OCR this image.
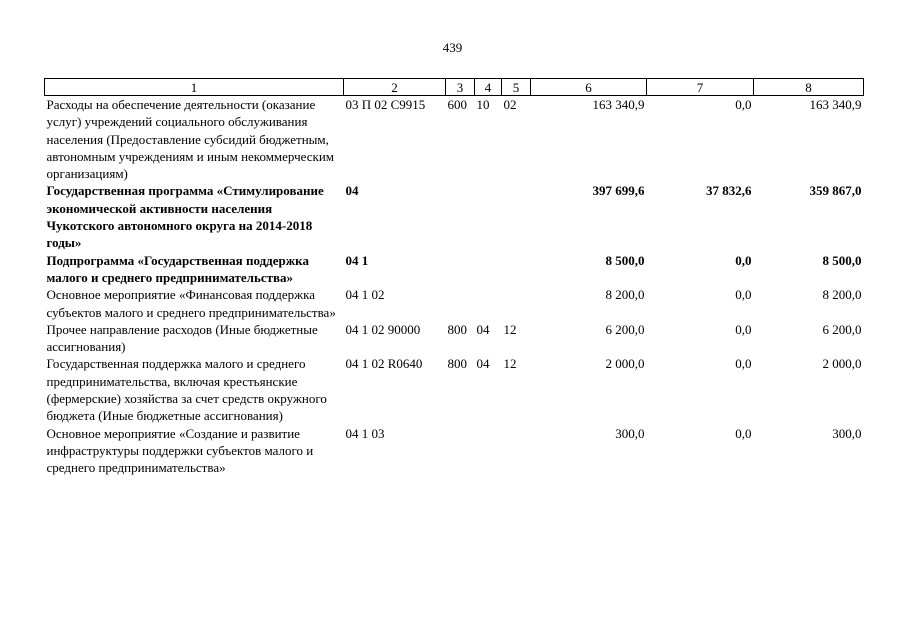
439
1	2	3	4	5	6	7	8
Расходы на обеспечение деятельности (оказание услуг) учреждений социального обслуживания населения (Предоставление субсидий бюджетным, автономным учреждениям и иным некоммерческим организациям)	03 П 02 С9915	600	10	02	163 340,9	0,0	163 340,9
Государственная программа «Стимулирование экономической активности населения Чукотского автономного округа на 2014-2018 годы»	04				397 699,6	37 832,6	359 867,0
Подпрограмма «Государственная поддержка малого и среднего предпринимательства»	04 1				8 500,0	0,0	8 500,0
Основное мероприятие «Финансовая поддержка субъектов малого и среднего предпринимательства»	04 1 02				8 200,0	0,0	8 200,0
Прочее направление расходов (Иные бюджетные ассигнования)	04 1 02 90000	800	04	12	6 200,0	0,0	6 200,0
Государственная поддержка малого и среднего предпринимательства, включая крестьянские (фермерские) хозяйства за счет средств окружного бюджета (Иные бюджетные ассигнования)	04 1 02 R0640	800	04	12	2 000,0	0,0	2 000,0
Основное мероприятие «Создание и развитие инфраструктуры поддержки субъектов малого и среднего предпринимательства»	04 1 03				300,0	0,0	300,0
